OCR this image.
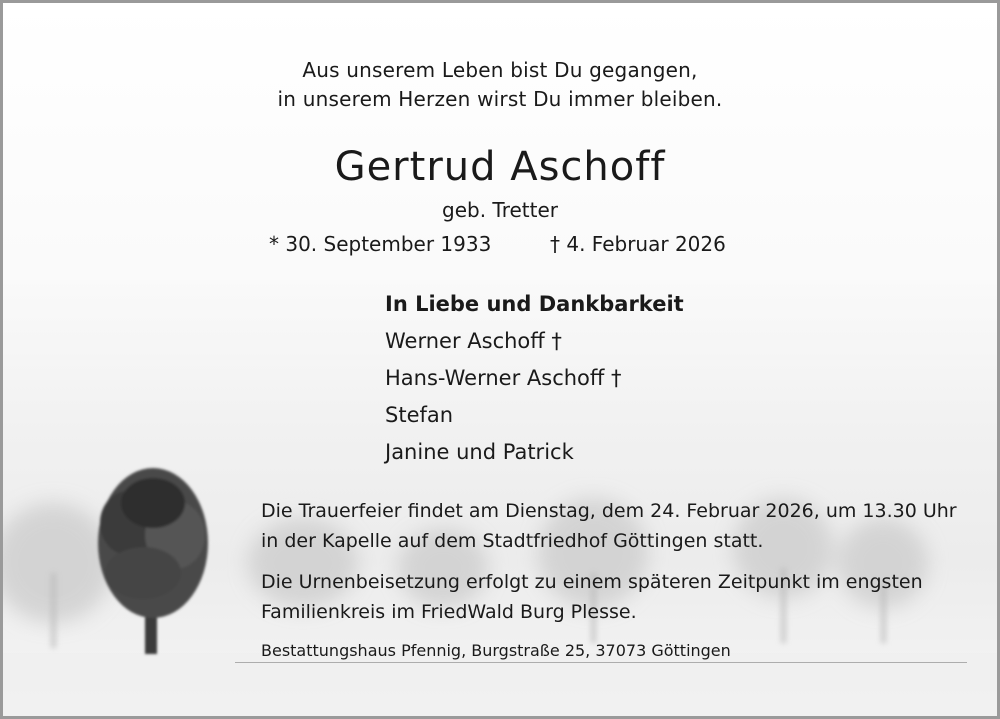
Aus unserem Leben bist Du gegangen,
in unserem Herzen wirst Du immer bleiben.
Gertrud Aschoff
geb. Tretter
* 30. September 1933	† 4. Februar 2026
In Liebe und Dankbarkeit
Werner Aschoff †
Hans-Werner Aschoff †
Stefan
Janine und Patrick
Die Trauerfeier findet am Dienstag, dem 24. Februar 2026, um 13.30 Uhr
in der Kapelle auf dem Stadtfriedhof Göttingen statt.
Die Urnenbeisetzung erfolgt zu einem späteren Zeitpunkt im engsten
Familienkreis im FriedWald Burg Plesse.
Bestattungshaus Pfennig, Burgstraße 25, 37073 Göttingen
